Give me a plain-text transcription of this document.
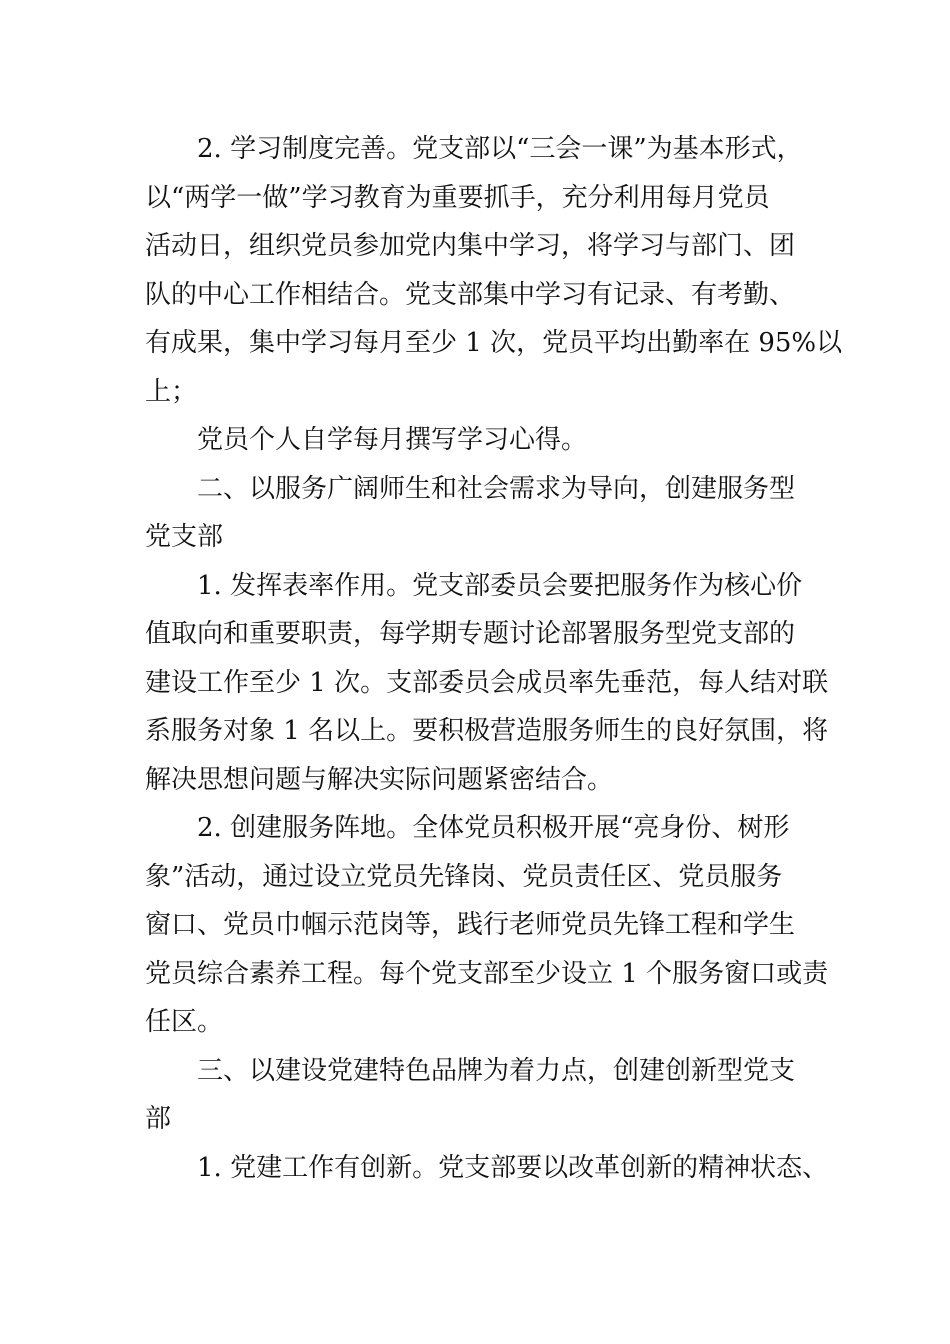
2. 学习制度完善。党支部以“三会一课”为基本形式，
以“两学一做”学习教育为重要抓手，充分利用每月党员
活动日，组织党员参加党内集中学习，将学习与部门、团
队的中心工作相结合。党支部集中学习有记录、有考勤、
有成果，集中学习每月至少 1 次，党员平均出勤率在 95%以
上；
党员个人自学每月撰写学习心得。
二、以服务广阔师生和社会需求为导向，创建服务型
党支部
1. 发挥表率作用。党支部委员会要把服务作为核心价
值取向和重要职责，每学期专题讨论部署服务型党支部的
建设工作至少 1 次。支部委员会成员率先垂范，每人结对联
系服务对象 1 名以上。要积极营造服务师生的良好氛围，将
解决思想问题与解决实际问题紧密结合。
2. 创建服务阵地。全体党员积极开展“亮身份、树形
象”活动，通过设立党员先锋岗、党员责任区、党员服务
窗口、党员巾帼示范岗等，践行老师党员先锋工程和学生
党员综合素养工程。每个党支部至少设立 1 个服务窗口或责
任区。
三、以建设党建特色品牌为着力点，创建创新型党支
部
1. 党建工作有创新。党支部要以改革创新的精神状态、
